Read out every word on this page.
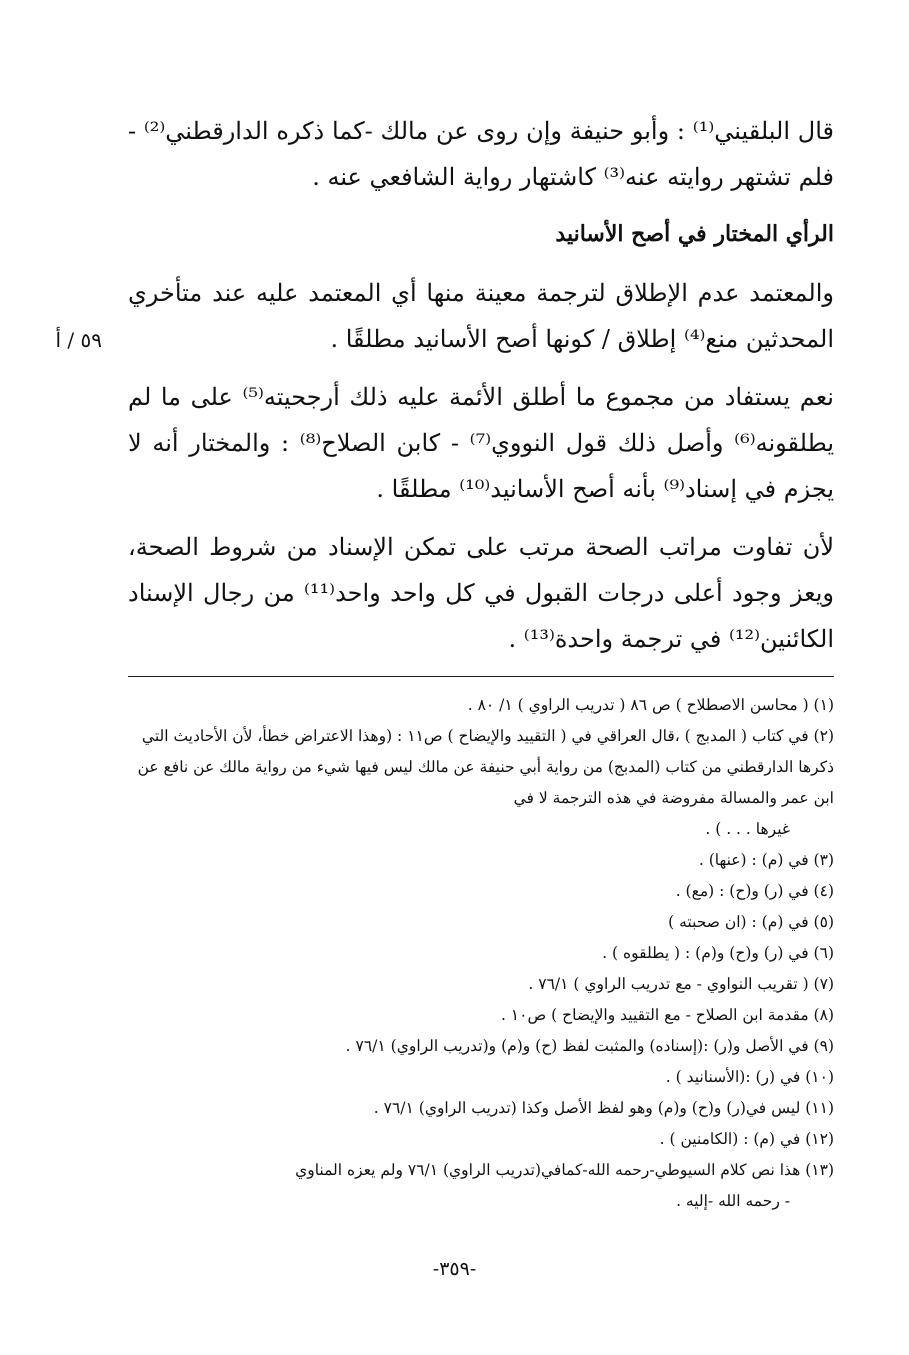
٥٩ / أ

قال البلقيني⁽¹⁾ : وأبو حنيفة وإن روى عن مالك -كما ذكره الدارقطني⁽²⁾ - فلم تشتهر روايته عنه⁽³⁾ كاشتهار رواية الشافعي عنه .

الرأي المختار في أصح الأسانيد

والمعتمد عدم الإطلاق لترجمة معينة منها أي المعتمد عليه عند متأخري المحدثين منع⁽⁴⁾ إطلاق / كونها أصح الأسانيد مطلقًا .

نعم يستفاد من مجموع ما أطلق الأئمة عليه ذلك أرجحيته⁽⁵⁾ على ما لم يطلقونه⁽⁶⁾ وأصل ذلك قول النووي⁽⁷⁾ - كابن الصلاح⁽⁸⁾ : والمختار أنه لا يجزم في إسناد⁽⁹⁾ بأنه أصح الأسانيد⁽¹⁰⁾ مطلقًا .

لأن تفاوت مراتب الصحة مرتب على تمكن الإسناد من شروط الصحة، ويعز وجود أعلى درجات القبول في كل واحد واحد⁽¹¹⁾ من رجال الإسناد الكائنين⁽¹²⁾ في ترجمة واحدة⁽¹³⁾ .

(١) ( محاسن الاصطلاح ) ص ٨٦ ( تدريب الراوي ) ١/ ٨٠ .

(٢) في كتاب ( المدبج ) ،قال العراقي في ( التقييد والإيضاح ) ص١١ : (وهذا الاعتراض خطأ، لأن الأحاديث التي ذكرها الدارقطني من كتاب (المدبج) من رواية أبي حنيفة عن مالك ليس فيها شيء من رواية مالك عن نافع عن ابن عمر والمسالة مفروضة في هذه الترجمة لا في
غيرها . . . ) .

(٣) في (م) : (عنها) .

(٤) في (ر) و(ح) : (مع) .

(٥) في (م) : (ان صحبته )

(٦) في (ر) و(ح) و(م) : ( يطلقوه ) .

(٧) ( تقريب النواوي - مع تدريب الراوي ) ٧٦/١ .

(٨) مقدمة ابن الصلاح - مع التقييد والإيضاح ) ص١٠ .

(٩) في الأصل و(ر) :(إسناده) والمثبت لفظ (ح) و(م) و(تدريب الراوي) ٧٦/١ .

(١٠) في (ر) :(الأسنانيد ) .

(١١) ليس في(ر) و(ح) و(م) وهو لفظ الأصل وكذا (تدريب الراوي) ٧٦/١ .

(١٢) في (م) : (الكامنين ) .

(١٣) هذا نص كلام السيوطي-رحمه الله-كمافي(تدريب الراوي) ٧٦/١ ولم يعزه المناوي
- رحمه الله -إليه .

-٣٥٩-
